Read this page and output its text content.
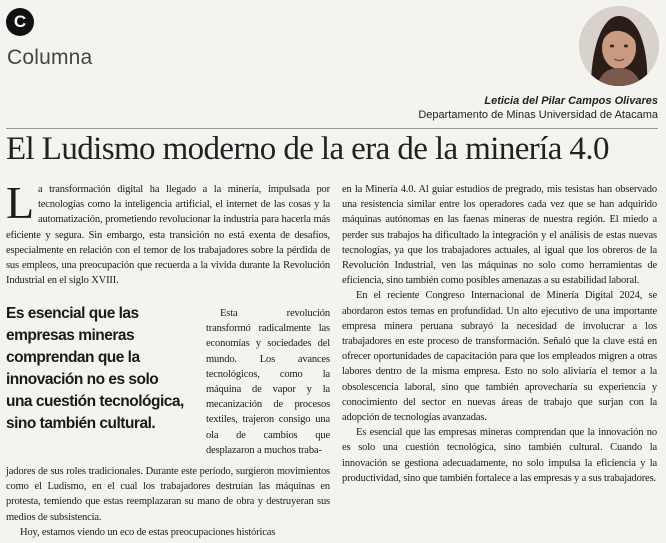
C
Columna
Leticia del Pilar Campos Olivares
Departamento de Minas Universidad de Atacama
El Ludismo moderno de la era de la minería 4.0

La transformación digital ha llegado a la minería, impulsada por tecnologías como la inteligencia artificial, el internet de las cosas y la automatización, prometiendo revolucionar la industria para hacerla más eficiente y segura. Sin embargo, esta transición no está exenta de desafíos, especialmente en relación con el temor de los trabajadores sobre la pérdida de sus empleos, una preocupación que recuerda a la vivida durante la Revolución Industrial en el siglo XVIII.

Es esencial que las empresas mineras comprendan que la innovación no es solo una cuestión tecnológica, sino también cultural.

Esta revolución transformó radicalmente las economías y sociedades del mundo. Los avances tecnológicos, como la máquina de vapor y la mecanización de procesos textiles, trajeron consigo una ola de cambios que desplazaron a muchos traba-

jadores de sus roles tradicionales. Durante este período, surgieron movimientos como el Ludismo, en el cual los trabajadores destruían las máquinas en protesta, temiendo que estas reemplazaran su mano de obra y destruyeran sus medios de subsistencia.

Hoy, estamos viendo un eco de estas preocupaciones históricas

en la Minería 4.0. Al guiar estudios de pregrado, mis tesistas han observado una resistencia similar entre los operadores cada vez que se han adquirido máquinas autónomas en las faenas mineras de nuestra región. El miedo a perder sus trabajos ha dificultado la integración y el análisis de estas nuevas tecnologías, ya que los trabajadores actuales, al igual que los obreros de la Revolución Industrial, ven las máquinas no solo como herramientas de eficiencia, sino también como posibles amenazas a su estabilidad laboral.

En el reciente Congreso Internacional de Minería Digital 2024, se abordaron estos temas en profundidad. Un alto ejecutivo de una importante empresa minera peruana subrayó la necesidad de involucrar a los trabajadores en este proceso de transformación. Señaló que la clave está en ofrecer oportunidades de capacitación para que los empleados migren a otras labores dentro de la misma empresa. Esto no solo aliviaría el temor a la obsolescencia laboral, sino que también aprovecharía su experiencia y conocimiento del sector en nuevas áreas de trabajo que surjan con la adopción de tecnologías avanzadas.

Es esencial que las empresas mineras comprendan que la innovación no es solo una cuestión tecnológica, sino también cultural. Cuando la innovación se gestiona adecuadamente, no solo impulsa la eficiencia y la productividad, sino que también fortalece a las empresas y a sus trabajadores.
